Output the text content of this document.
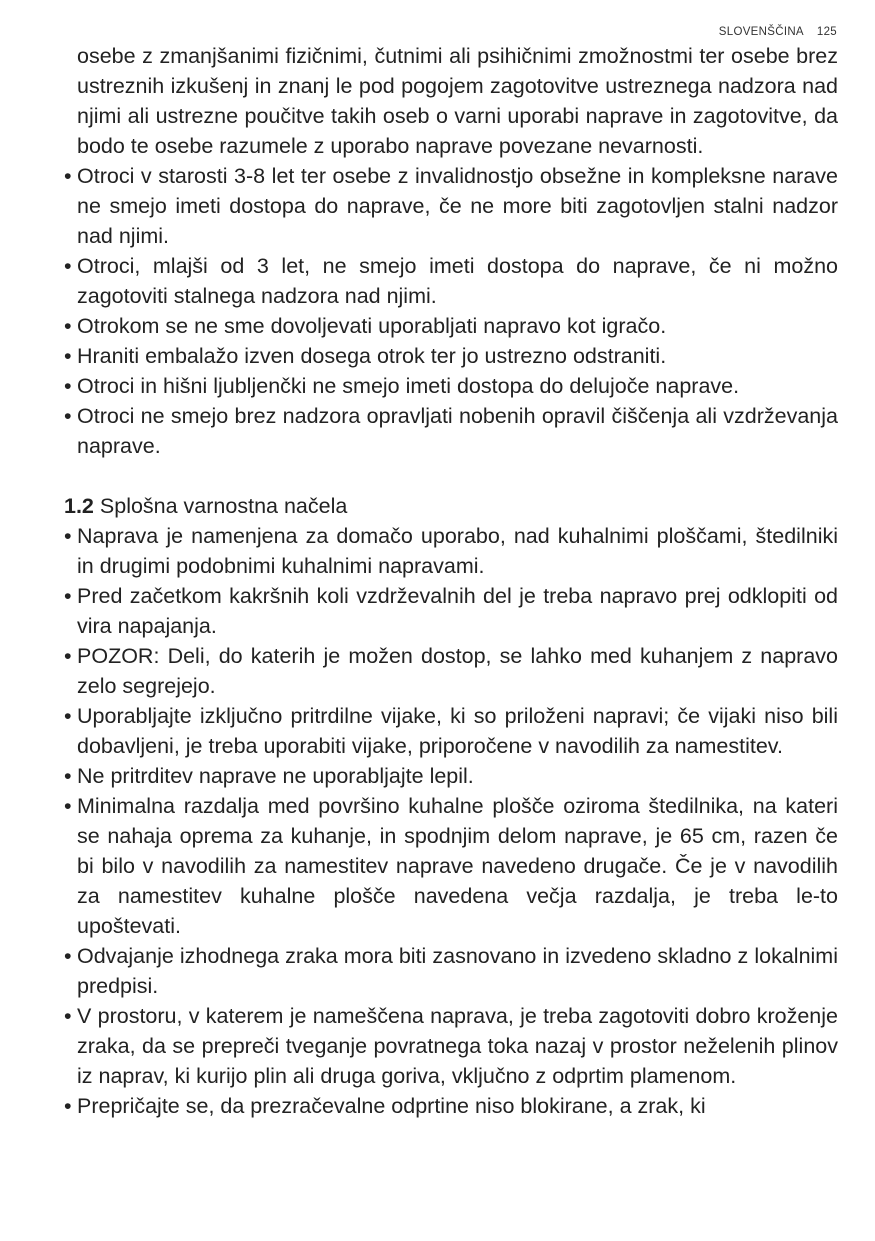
SLOVENŠČINA 125

osebe z zmanjšanimi fizičnimi, čutnimi ali psihičnimi zmožnostmi ter osebe brez ustreznih izkušenj in znanj le pod pogojem zagotovitve ustreznega nadzora nad njimi ali ustrezne poučitve takih oseb o varni uporabi naprave in zagotovitve, da bodo te osebe razumele z uporabo naprave povezane nevarnosti.

• Otroci v starosti 3-8 let ter osebe z invalidnostjo obsežne in kompleksne narave ne smejo imeti dostopa do naprave, če ne more biti zagotovljen stalni nadzor nad njimi.
• Otroci, mlajši od 3 let, ne smejo imeti dostopa do naprave, če ni možno zagotoviti stalnega nadzora nad njimi.
• Otrokom se ne sme dovoljevati uporabljati napravo kot igračo.
• Hraniti embalažo izven dosega otrok ter jo ustrezno odstraniti.
• Otroci in hišni ljubljenčki ne smejo imeti dostopa do delujoče naprave.
• Otroci ne smejo brez nadzora opravljati nobenih opravil čiščenja ali vzdrževanja naprave.
1.2 Splošna varnostna načela
• Naprava je namenjena za domačo uporabo, nad kuhalnimi ploščami, štedilniki in drugimi podobnimi kuhalnimi napravami.
• Pred začetkom kakršnih koli vzdrževalnih del je treba napravo prej odklopiti od vira napajanja.
• POZOR: Deli, do katerih je možen dostop, se lahko med kuhanjem z napravo zelo segrejejo.
• Uporabljajte izključno pritrdilne vijake, ki so priloženi napravi; če vijaki niso bili dobavljeni, je treba uporabiti vijake, priporočene v navodilih za namestitev.
• Ne pritrditev naprave ne uporabljajte lepil.
• Minimalna razdalja med površino kuhalne plošče oziroma štedilnika, na kateri se nahaja oprema za kuhanje, in spodnjim delom naprave, je 65 cm, razen če bi bilo v navodilih za namestitev naprave navedeno drugače. Če je v navodilih za namestitev kuhalne plošče navedena večja razdalja, je treba le-to upoštevati.
• Odvajanje izhodnega zraka mora biti zasnovano in izvedeno skladno z lokalnimi predpisi.
• V prostoru, v katerem je nameščena naprava, je treba zagotoviti dobro kroženje zraka, da se prepreči tveganje povratnega toka nazaj v prostor neželenih plinov iz naprav, ki kurijo plin ali druga goriva, vključno z odprtim plamenom.
• Prepričajte se, da prezračevalne odprtine niso blokirane, a zrak, ki
